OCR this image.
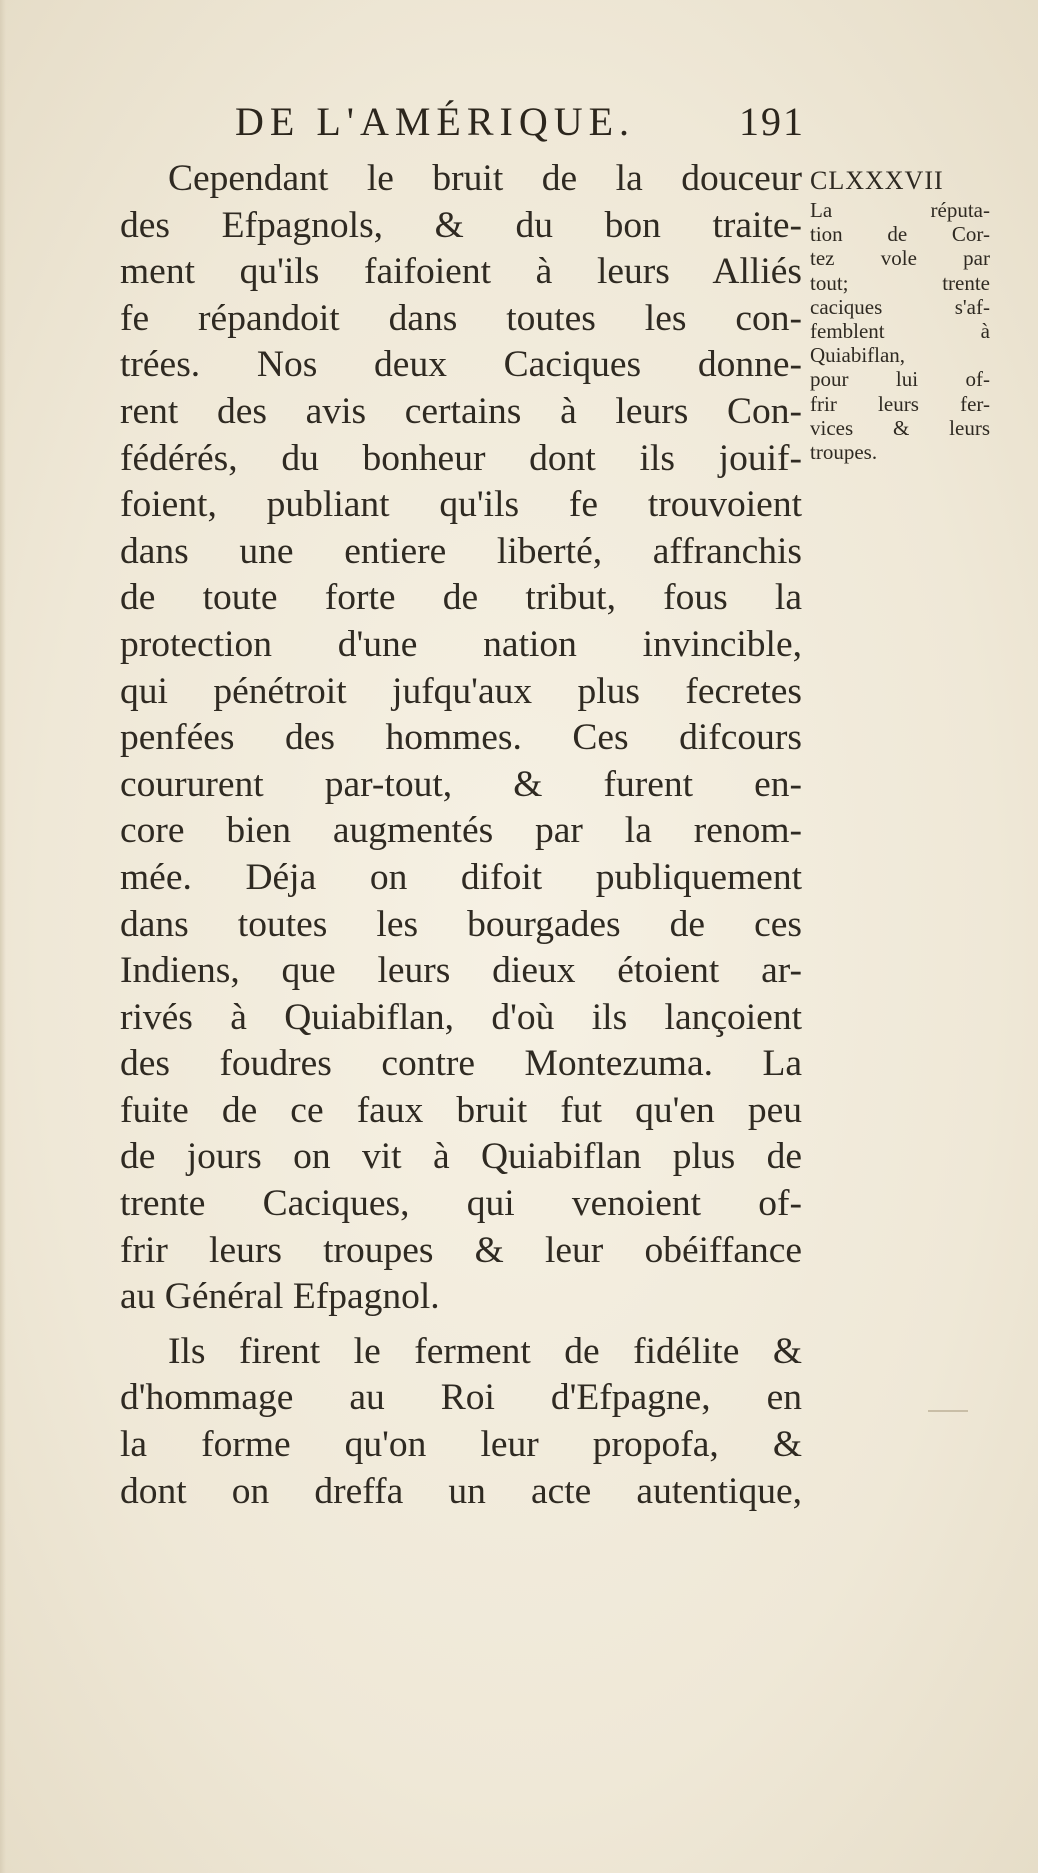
DE L'AMÉRIQUE.	191
Cependant le bruit de la douceur
des Efpagnols, & du bon traite-
ment qu'ils faifoient à leurs Alliés
fe répandoit dans toutes les con-
trées. Nos deux Caciques donne-
rent des avis certains à leurs Con-
fédérés, du bonheur dont ils jouif-
foient, publiant qu'ils fe trouvoient
dans une entiere liberté, affranchis
de toute forte de tribut, fous la
protection d'une nation invincible,
qui pénétroit jufqu'aux plus fecretes
penfées des hommes. Ces difcours
coururent par-tout, & furent en-
core bien augmentés par la renom-
mée. Déja on difoit publiquement
dans toutes les bourgades de ces
Indiens, que leurs dieux étoient ar-
rivés à Quiabiflan, d'où ils lançoient
des foudres contre Montezuma. La
fuite de ce faux bruit fut qu'en peu
de jours on vit à Quiabiflan plus de
trente Caciques, qui venoient of-
frir leurs troupes & leur obéiffance
au Général Efpagnol.
Ils firent le ferment de fidélite &
d'hommage au Roi d'Efpagne, en
la forme qu'on leur propofa, &
dont on dreffa un acte autentique,
CLXXXVII
La réputa-
tion de Cor-
tez vole par
tout; trente
caciques s'af-
femblent à
Quiabiflan,
pour lui of-
frir leurs fer-
vices & leurs
troupes.
